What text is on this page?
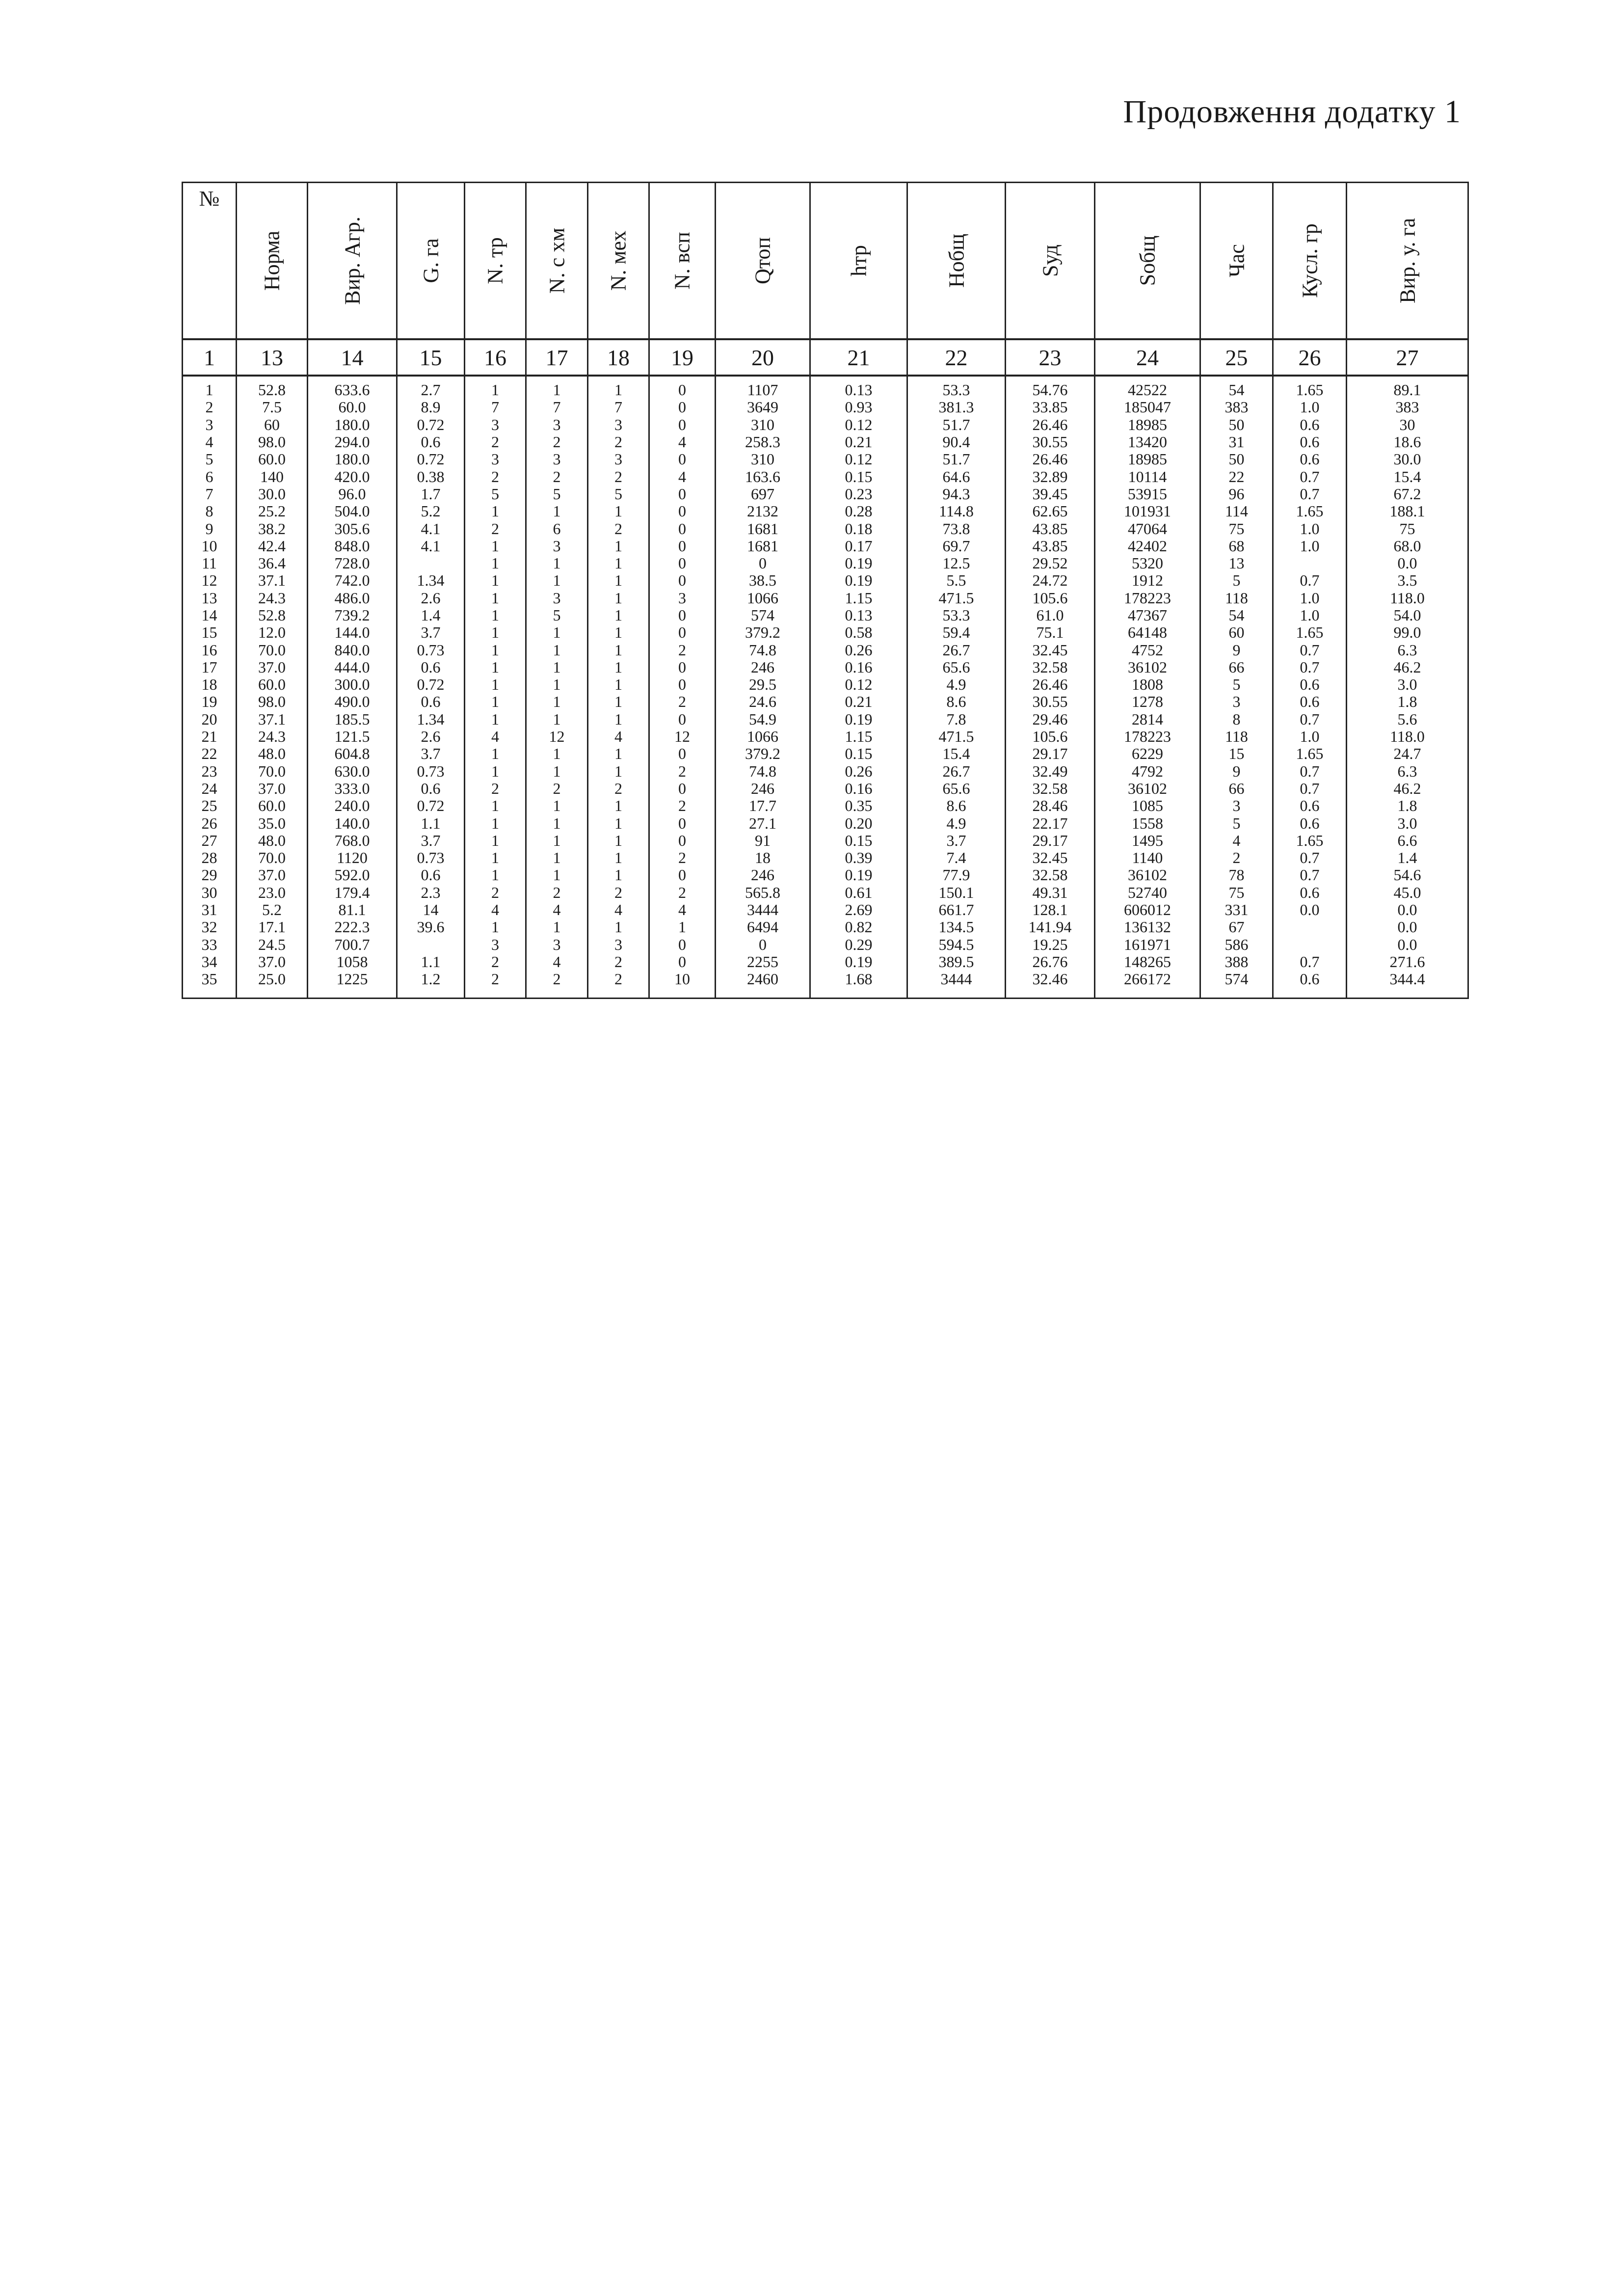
Продовження додатку 1
№	Норма	Вир. Агр.	G. га	N. тр	N. с хм	N. мех	N. всп	Qтоп	hтр	Нобщ	Sуд	Sобщ	Час	Кусл. гр	Вир. у. га

1	13	14	15	16	17	18	19	20	21	22	23	24	25	26	27
1	52.8	633.6	2.7	1	1	1	0	1107	0.13	53.3	54.76	42522	54	1.65	89.1
2	7.5	60.0	8.9	7	7	7	0	3649	0.93	381.3	33.85	185047	383	1.0	383
3	60	180.0	0.72	3	3	3	0	310	0.12	51.7	26.46	18985	50	0.6	30
4	98.0	294.0	0.6	2	2	2	4	258.3	0.21	90.4	30.55	13420	31	0.6	18.6
5	60.0	180.0	0.72	3	3	3	0	310	0.12	51.7	26.46	18985	50	0.6	30.0
6	140	420.0	0.38	2	2	2	4	163.6	0.15	64.6	32.89	10114	22	0.7	15.4
7	30.0	96.0	1.7	5	5	5	0	697	0.23	94.3	39.45	53915	96	0.7	67.2
8	25.2	504.0	5.2	1	1	1	0	2132	0.28	114.8	62.65	101931	114	1.65	188.1
9	38.2	305.6	4.1	2	6	2	0	1681	0.18	73.8	43.85	47064	75	1.0	75
10	42.4	848.0	4.1	1	3	1	0	1681	0.17	69.7	43.85	42402	68	1.0	68.0
11	36.4	728.0		1	1	1	0	0	0.19	12.5	29.52	5320	13		0.0
12	37.1	742.0	1.34	1	1	1	0	38.5	0.19	5.5	24.72	1912	5	0.7	3.5
13	24.3	486.0	2.6	1	3	1	3	1066	1.15	471.5	105.6	178223	118	1.0	118.0
14	52.8	739.2	1.4	1	5	1	0	574	0.13	53.3	61.0	47367	54	1.0	54.0
15	12.0	144.0	3.7	1	1	1	0	379.2	0.58	59.4	75.1	64148	60	1.65	99.0
16	70.0	840.0	0.73	1	1	1	2	74.8	0.26	26.7	32.45	4752	9	0.7	6.3
17	37.0	444.0	0.6	1	1	1	0	246	0.16	65.6	32.58	36102	66	0.7	46.2
18	60.0	300.0	0.72	1	1	1	0	29.5	0.12	4.9	26.46	1808	5	0.6	3.0
19	98.0	490.0	0.6	1	1	1	2	24.6	0.21	8.6	30.55	1278	3	0.6	1.8
20	37.1	185.5	1.34	1	1	1	0	54.9	0.19	7.8	29.46	2814	8	0.7	5.6
21	24.3	121.5	2.6	4	12	4	12	1066	1.15	471.5	105.6	178223	118	1.0	118.0
22	48.0	604.8	3.7	1	1	1	0	379.2	0.15	15.4	29.17	6229	15	1.65	24.7
23	70.0	630.0	0.73	1	1	1	2	74.8	0.26	26.7	32.49	4792	9	0.7	6.3
24	37.0	333.0	0.6	2	2	2	0	246	0.16	65.6	32.58	36102	66	0.7	46.2
25	60.0	240.0	0.72	1	1	1	2	17.7	0.35	8.6	28.46	1085	3	0.6	1.8
26	35.0	140.0	1.1	1	1	1	0	27.1	0.20	4.9	22.17	1558	5	0.6	3.0
27	48.0	768.0	3.7	1	1	1	0	91	0.15	3.7	29.17	1495	4	1.65	6.6
28	70.0	1120	0.73	1	1	1	2	18	0.39	7.4	32.45	1140	2	0.7	1.4
29	37.0	592.0	0.6	1	1	1	0	246	0.19	77.9	32.58	36102	78	0.7	54.6
30	23.0	179.4	2.3	2	2	2	2	565.8	0.61	150.1	49.31	52740	75	0.6	45.0
31	5.2	81.1	14	4	4	4	4	3444	2.69	661.7	128.1	606012	331	0.0	0.0
32	17.1	222.3	39.6	1	1	1	1	6494	0.82	134.5	141.94	136132	67		0.0
33	24.5	700.7		3	3	3	0	0	0.29	594.5	19.25	161971	586		0.0
34	37.0	1058	1.1	2	4	2	0	2255	0.19	389.5	26.76	148265	388	0.7	271.6
35	25.0	1225	1.2	2	2	2	10	2460	1.68	3444	32.46	266172	574	0.6	344.4
